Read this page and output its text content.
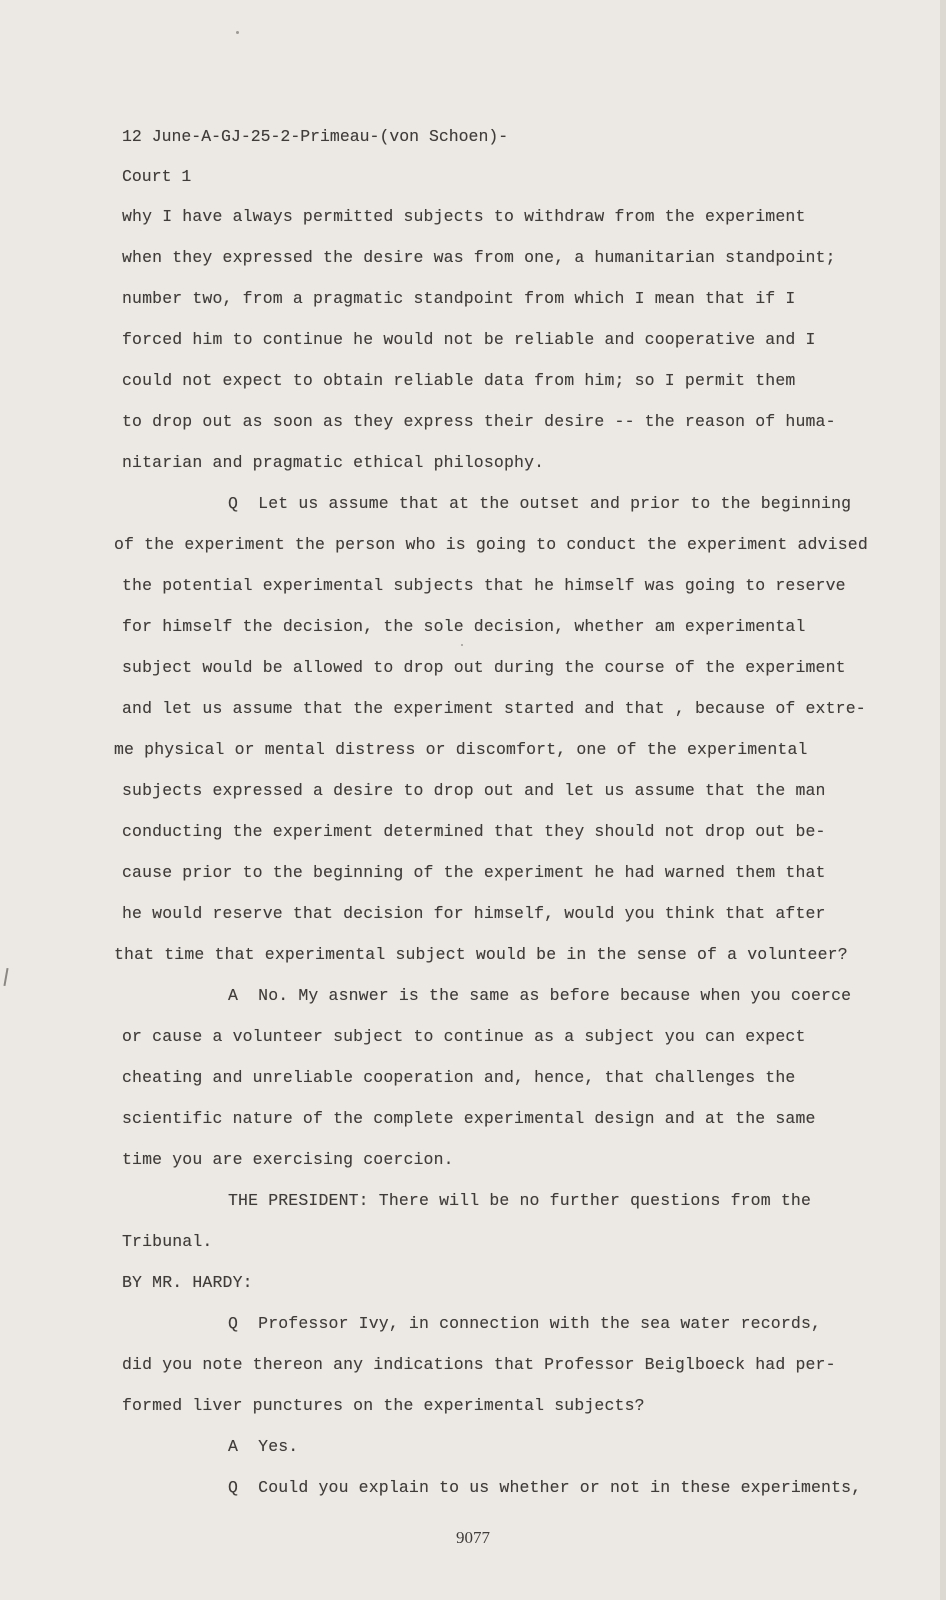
12 June-A-GJ-25-2-Primeau-(von Schoen)-
Court 1
why I have always permitted subjects to withdraw from the experiment
when they expressed the desire was from one, a humanitarian standpoint;
number two, from a pragmatic standpoint from which I mean that if I
forced him to continue he would not be reliable and cooperative and I
could not expect to obtain reliable data from him; so I permit them
to drop out as soon as they express their desire -- the reason of huma-
nitarian and pragmatic ethical philosophy.
Q  Let us assume that at the outset and prior to the beginning
of the experiment the person who is going to conduct the experiment advised
the potential experimental subjects that he himself was going to reserve
for himself the decision, the sole decision, whether am experimental
subject would be allowed to drop out during the course of the experiment
and let us assume that the experiment started and that , because of extre-
me physical or mental distress or discomfort, one of the experimental
subjects expressed a desire to drop out and let us assume that the man
conducting the experiment determined that they should not drop out be-
cause prior to the beginning of the experiment he had warned them that
he would reserve that decision for himself, would you think that after
that time that experimental subject would be in the sense of a volunteer?
A  No. My asnwer is the same as before because when you coerce
or cause a volunteer subject to continue as a subject you can expect
cheating and unreliable cooperation and, hence, that challenges the
scientific nature of the complete experimental design and at the same
time you are exercising coercion.
THE PRESIDENT: There will be no further questions from the
Tribunal.
BY MR. HARDY:
Q  Professor Ivy, in connection with the sea water records,
did you note thereon any indications that Professor Beiglboeck had per-
formed liver punctures on the experimental subjects?
A  Yes.
Q  Could you explain to us whether or not in these experiments,
9077
